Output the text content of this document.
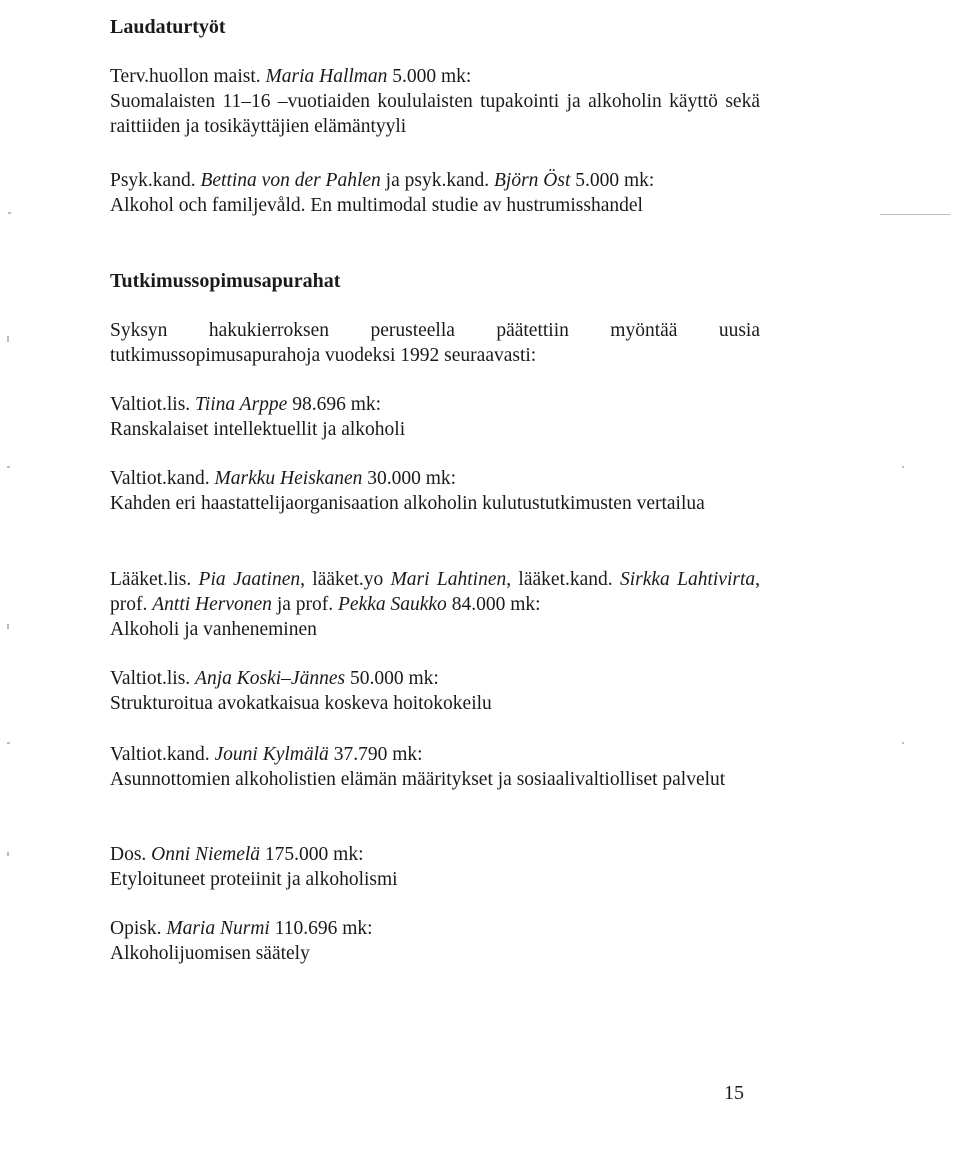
Laudaturtyöt

Terv.huollon maist. Maria Hallman 5.000 mk:

Suomalaisten 11–16 –vuotiaiden koululaisten tupakointi ja alkoholin käyttö sekä raittiiden ja tosikäyttäjien elämäntyyli

Psyk.kand. Bettina von der Pahlen ja psyk.kand. Björn Öst 5.000 mk:

Alkohol och familjevåld. En multimodal studie av hustrumisshandel

Tutkimussopimusapurahat

Syksyn hakukierroksen perusteella päätettiin myöntää uusia tutkimussopimusapurahoja vuodeksi 1992 seuraavasti:

Valtiot.lis. Tiina Arppe 98.696 mk:

Ranskalaiset intellektuellit ja alkoholi

Valtiot.kand. Markku Heiskanen 30.000 mk:

Kahden eri haastattelijaorganisaation alkoholin kulutustutkimusten vertailua

Lääket.lis. Pia Jaatinen, lääket.yo Mari Lahtinen, lääket.kand. Sirkka Lahtivirta, prof. Antti Hervonen ja prof. Pekka Saukko 84.000 mk:

Alkoholi ja vanheneminen

Valtiot.lis. Anja Koski–Jännes 50.000 mk:

Strukturoitua avokatkaisua koskeva hoitokokeilu

Valtiot.kand. Jouni Kylmälä 37.790 mk:

Asunnottomien alkoholistien elämän määritykset ja sosiaalivaltiolliset palvelut

Dos. Onni Niemelä 175.000 mk:

Etyloituneet proteiinit ja alkoholismi

Opisk. Maria Nurmi 110.696 mk:

Alkoholijuomisen säätely

15
